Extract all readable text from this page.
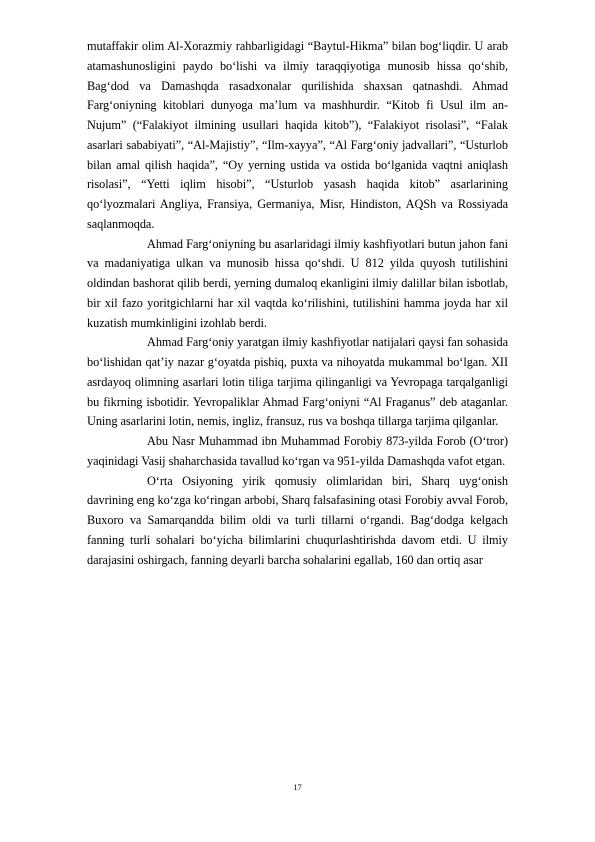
mutaffakir olim Al-Xorazmiy rahbarligidagi “Baytul-Hikma” bilan bog‘liqdir. U arab atamashunosligini paydo bo‘lishi va ilmiy taraqqiyotiga munosib hissa qo‘shib, Bag‘dod va Damashqda rasadxonalar qurilishida shaxsan qatnashdi. Ahmad Farg‘oniyning kitoblari dunyoga ma’lum va mashhurdir. “Kitob fi Usul ilm an-Nujum” (“Falakiyot ilmining usullari haqida kitob”), “Falakiyot risolasi”, “Falak asarlari sababiyati”, “Al-Majistiy”, “Ilm-xayya”, “Al Farg‘oniy jadvallari”, “Usturlob bilan amal qilish haqida”, “Oy yerning ustida va ostida bo‘lganida vaqtni aniqlash risolasi”, “Yetti iqlim hisobi”, “Usturlob yasash haqida kitob” asarlarining qo‘lyozmalari Angliya, Fransiya, Germaniya, Misr, Hindiston, AQSh va Rossiyada saqlanmoqda.

Ahmad Farg‘oniyning bu asarlaridagi ilmiy kashfiyotlari butun jahon fani va madaniyatiga ulkan va munosib hissa qo‘shdi. U 812 yilda quyosh tutilishini oldindan bashorat qilib berdi, yerning dumaloq ekanligini ilmiy dalillar bilan isbotlab, bir xil fazo yoritgichlarni har xil vaqtda ko‘rilishini, tutilishini hamma joyda har xil kuzatish mumkinligini izohlab berdi.

Ahmad Farg‘oniy yaratgan ilmiy kashfiyotlar natijalari qaysi fan sohasida bo‘lishidan qat’iy nazar g‘oyatda pishiq, puxta va nihoyatda mukammal bo‘lgan. XII asrdayoq olimning asarlari lotin tiliga tarjima qilinganligi va Yevropaga tarqalganligi bu fikrning isbotidir. Yevropaliklar Ahmad Farg‘oniyni “Al Fraganus” deb ataganlar. Uning asarlarini lotin, nemis, ingliz, fransuz, rus va boshqa tillarga tarjima qilganlar.

Abu Nasr Muhammad ibn Muhammad Forobiy 873-yilda Forob (O‘tror) yaqinidagi Vasij shaharchasida tavallud ko‘rgan va 951-yilda Damashqda vafot etgan.

O‘rta Osiyoning yirik qomusiy olimlaridan biri, Sharq uyg‘onish davrining eng ko‘zga ko‘ringan arbobi, Sharq falsafasining otasi Forobiy avval Forob, Buxoro va Samarqandda bilim oldi va turli tillarni o‘rgandi. Bag‘dodga kelgach fanning turli sohalari bo‘yicha bilimlarini chuqurlashtirishda davom etdi. U ilmiy darajasini oshirgach, fanning deyarli barcha sohalarini egallab, 160 dan ortiq asar

17
